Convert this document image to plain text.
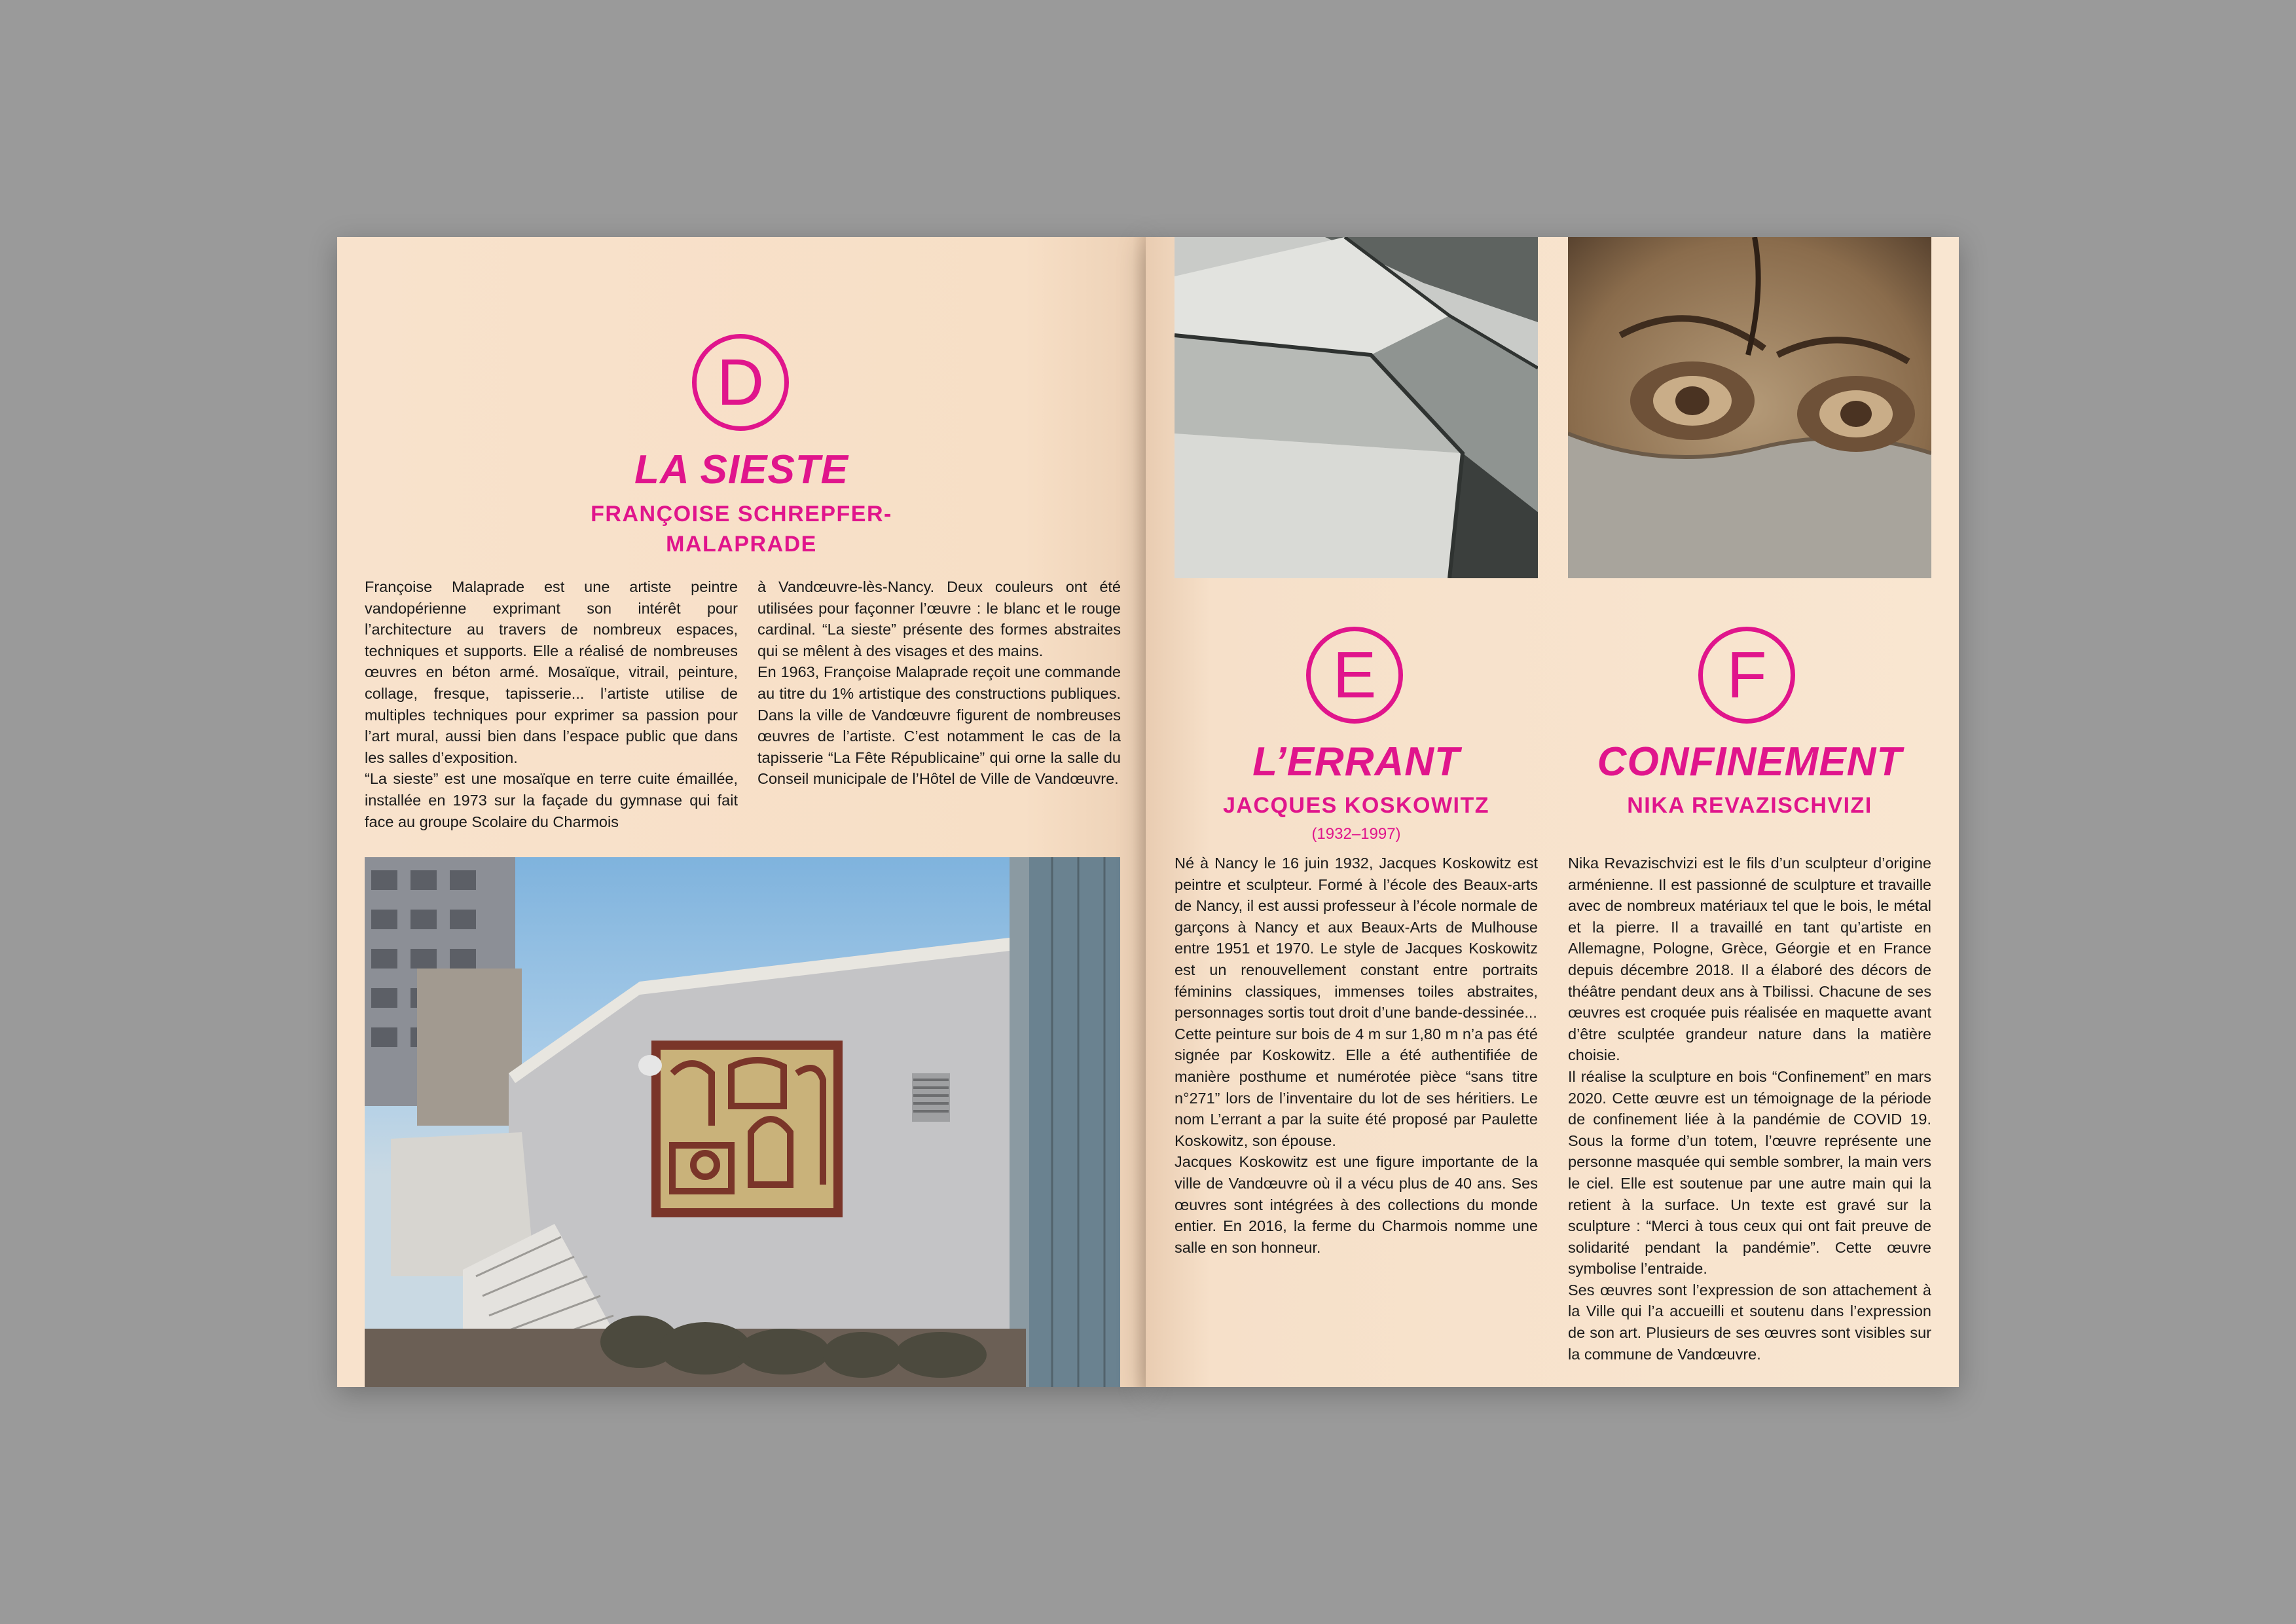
D
LA SIESTE
FRANÇOISE SCHREPFER-
MALAPRADE

Françoise Malaprade est une artiste peintre vandopérienne exprimant son intérêt pour l’architecture au travers de nombreux espaces, techniques et supports. Elle a réalisé de nombreuses œuvres en béton armé. Mosaïque, vitrail, peinture, collage, fresque, tapisserie... l’artiste utilise de multiples techniques pour exprimer sa passion pour l’art mural, aussi bien dans l’espace public que dans les salles d’exposition.

“La sieste” est une mosaïque en terre cuite émaillée, installée en 1973 sur la façade du gymnase qui fait face au groupe Scolaire du Charmois

à Vandœuvre-lès-Nancy. Deux couleurs ont été utilisées pour façonner l’œuvre : le blanc et le rouge cardinal. “La sieste” présente des formes abstraites qui se mêlent à des visages et des mains.

En 1963, Françoise Malaprade reçoit une commande au titre du 1% artistique des constructions publiques. Dans la ville de Vandœuvre figurent de nombreuses œuvres de l’artiste. C’est notamment le cas de la tapisserie “La Fête Républicaine” qui orne la salle du Conseil municipale de l’Hôtel de Ville de Vandœuvre.

E
L’ERRANT
JACQUES KOSKOWITZ
(1932–1997)

Né à Nancy le 16 juin 1932, Jacques Koskowitz est peintre et sculpteur. Formé à l’école des Beaux-arts de Nancy, il est aussi professeur à l’école normale de garçons à Nancy et aux Beaux-Arts de Mulhouse entre 1951 et 1970. Le style de Jacques Koskowitz est un renouvellement constant entre portraits féminins classiques, immenses toiles abstraites, personnages sortis tout droit d’une bande-dessinée...

Cette peinture sur bois de 4 m sur 1,80 m n’a pas été signée par Koskowitz. Elle a été authentifiée de manière posthume et numérotée pièce “sans titre n°271” lors de l’inventaire du lot de ses héritiers. Le nom L’errant a par la suite été proposé par Paulette Koskowitz, son épouse.

Jacques Koskowitz est une figure importante de la ville de Vandœuvre où il a vécu plus de 40 ans. Ses œuvres sont intégrées à des collections du monde entier. En 2016, la ferme du Charmois nomme une salle en son honneur.

F
CONFINEMENT
NIKA REVAZISCHVIZI

Nika Revazischvizi est le fils d’un sculpteur d’origine arménienne. Il est passionné de sculpture et travaille avec de nombreux matériaux tel que le bois, le métal et la pierre. Il a travaillé en tant qu’artiste en Allemagne, Pologne, Grèce, Géorgie et en France depuis décembre 2018. Il a élaboré des décors de théâtre pendant deux ans à Tbilissi. Chacune de ses œuvres est croquée puis réalisée en maquette avant d’être sculptée grandeur nature dans la matière choisie.

Il réalise la sculpture en bois “Confinement” en mars 2020. Cette œuvre est un témoignage de la période de confinement liée à la pandémie de COVID 19. Sous la forme d’un totem, l’œuvre représente une personne masquée qui semble sombrer, la main vers le ciel. Elle est soutenue par une autre main qui la retient à la surface. Un texte est gravé sur la sculpture : “Merci à tous ceux qui ont fait preuve de solidarité pendant la pandémie”. Cette œuvre symbolise l’entraide.

Ses œuvres sont l’expression de son attachement à la Ville qui l’a accueilli et soutenu dans l’expression de son art. Plusieurs de ses œuvres sont visibles sur la commune de Vandœuvre.
